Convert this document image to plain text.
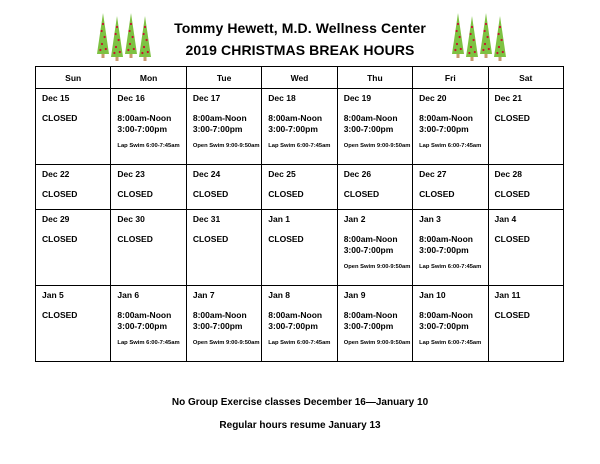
Tommy Hewett, M.D. Wellness Center
2019 CHRISTMAS BREAK HOURS
Sun	Mon	Tue	Wed	Thu	Fri	Sat

Dec 15
CLOSED	Dec 16
8:00am-Noon
3:00-7:00pm
Lap Swim 6:00-7:45am	Dec 17
8:00am-Noon
3:00-7:00pm
Open Swim 9:00-9:50am	Dec 18
8:00am-Noon
3:00-7:00pm
Lap Swim 6:00-7:45am	Dec 19
8:00am-Noon
3:00-7:00pm
Open Swim 9:00-9:50am	Dec 20
8:00am-Noon
3:00-7:00pm
Lap Swim 6:00-7:45am	Dec 21
CLOSED

Dec 22
CLOSED	Dec 23
CLOSED	Dec 24
CLOSED	Dec 25
CLOSED	Dec 26
CLOSED	Dec 27
CLOSED	Dec 28
CLOSED

Dec 29
CLOSED	Dec 30
CLOSED	Dec 31
CLOSED	Jan 1
CLOSED	Jan 2
8:00am-Noon
3:00-7:00pm
Open Swim 9:00-9:50am	Jan 3
8:00am-Noon
3:00-7:00pm
Lap Swim 6:00-7:45am	Jan 4
CLOSED

Jan 5
CLOSED	Jan 6
8:00am-Noon
3:00-7:00pm
Lap Swim 6:00-7:45am	Jan 7
8:00am-Noon
3:00-7:00pm
Open Swim 9:00-9:50am	Jan 8
8:00am-Noon
3:00-7:00pm
Lap Swim 6:00-7:45am	Jan 9
8:00am-Noon
3:00-7:00pm
Open Swim 9:00-9:50am	Jan 10
8:00am-Noon
3:00-7:00pm
Lap Swim 6:00-7:45am	Jan 11
CLOSED
No Group Exercise classes December 16—January 10
Regular hours resume January 13
